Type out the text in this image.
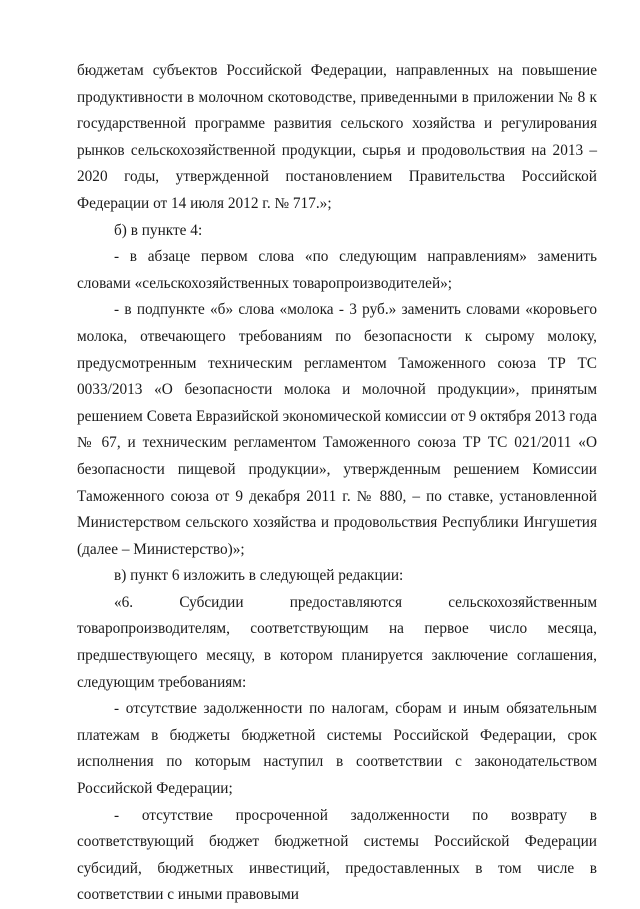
бюджетам субъектов Российской Федерации, направленных на повышение продуктивности в молочном скотоводстве, приведенными в приложении № 8 к государственной программе развития сельского хозяйства и регулирования рынков сельскохозяйственной продукции, сырья и продовольствия на 2013 – 2020 годы, утвержденной постановлением Правительства Российской Федерации от 14 июля 2012 г. № 717.»;

б) в пункте 4:

- в абзаце первом слова «по следующим направлениям» заменить словами «сельскохозяйственных товаропроизводителей»;

- в подпункте «б» слова «молока - 3 руб.» заменить словами «коровьего молока, отвечающего требованиям по безопасности к сырому молоку, предусмотренным техническим регламентом Таможенного союза ТР ТС 0033/2013 «О безопасности молока и молочной продукции», принятым решением Совета Евразийской экономической комиссии от 9 октября 2013 года № 67, и техническим регламентом Таможенного союза ТР ТС 021/2011 «О безопасности пищевой продукции», утвержденным решением Комиссии Таможенного союза от 9 декабря 2011 г. № 880, – по ставке, установленной Министерством сельского хозяйства и продовольствия Республики Ингушетия (далее – Министерство)»;

в) пункт 6 изложить в следующей редакции:

«6. Субсидии предоставляются сельскохозяйственным товаропроизводителям, соответствующим на первое число месяца, предшествующего месяцу, в котором планируется заключение соглашения, следующим требованиям:

- отсутствие задолженности по налогам, сборам и иным обязательным платежам в бюджеты бюджетной системы Российской Федерации, срок исполнения по которым наступил в соответствии с законодательством Российской Федерации;

- отсутствие просроченной задолженности по возврату в соответствующий бюджет бюджетной системы Российской Федерации субсидий, бюджетных инвестиций, предоставленных в том числе в соответствии с иными правовыми
